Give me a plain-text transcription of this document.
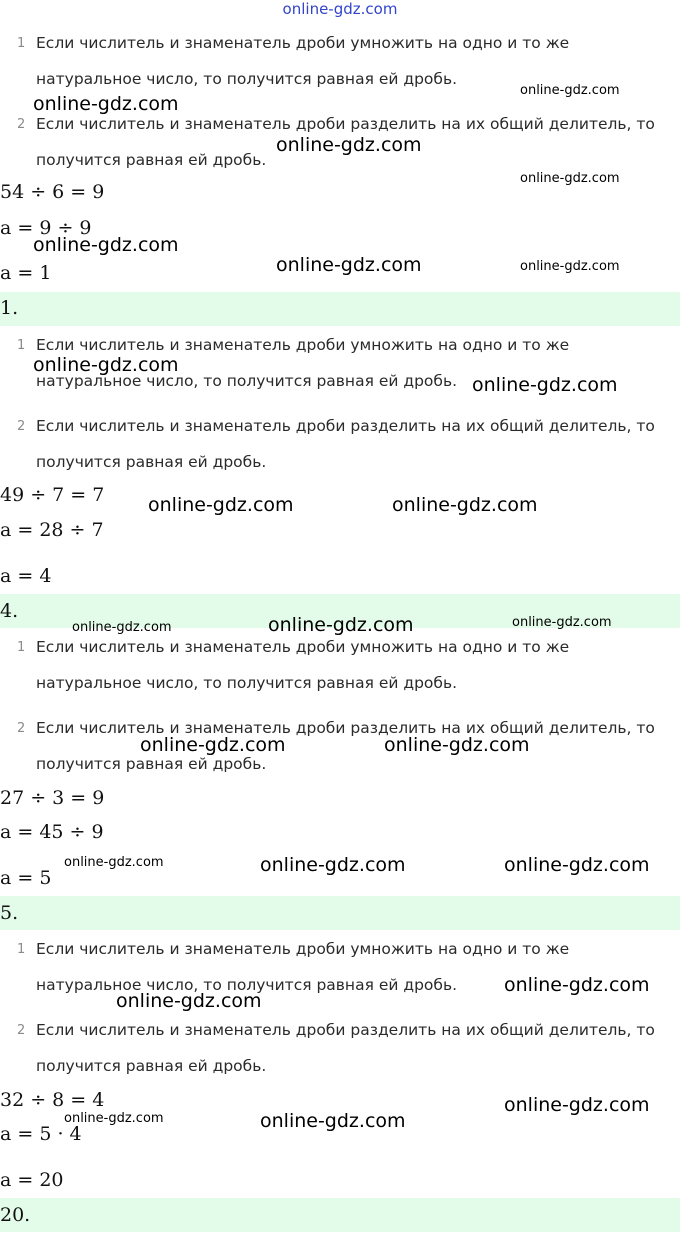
online-gdz.com
1 Если числитель и знаменатель дроби умножить на одно и то же
натуральное число, то получится равная ей дробь.
2 Если числитель и знаменатель дроби разделить на их общий делитель, то
получится равная ей дробь.
54 ÷ 6 = 9
a = 9 ÷ 9
a = 1
1.
1 Если числитель и знаменатель дроби умножить на одно и то же
натуральное число, то получится равная ей дробь.
2 Если числитель и знаменатель дроби разделить на их общий делитель, то
получится равная ей дробь.
49 ÷ 7 = 7
a = 28 ÷ 7
a = 4
4.
1 Если числитель и знаменатель дроби умножить на одно и то же
натуральное число, то получится равная ей дробь.
2 Если числитель и знаменатель дроби разделить на их общий делитель, то
получится равная ей дробь.
27 ÷ 3 = 9
a = 45 ÷ 9
a = 5
5.
1 Если числитель и знаменатель дроби умножить на одно и то же
натуральное число, то получится равная ей дробь.
2 Если числитель и знаменатель дроби разделить на их общий делитель, то
получится равная ей дробь.
32 ÷ 8 = 4
a = 5 · 4
a = 20
20.
online-gdz.com
online-gdz.com
online-gdz.com
online-gdz.com
online-gdz.com
online-gdz.com	online-gdz.com
online-gdz.com
online-gdz.com
online-gdz.com	online-gdz.com
online-gdz.com	online-gdz.com	online-gdz.com
online-gdz.com	online-gdz.com
online-gdz.com	online-gdz.com	online-gdz.com
online-gdz.com
online-gdz.com
online-gdz.com	online-gdz.com
online-gdz.com
